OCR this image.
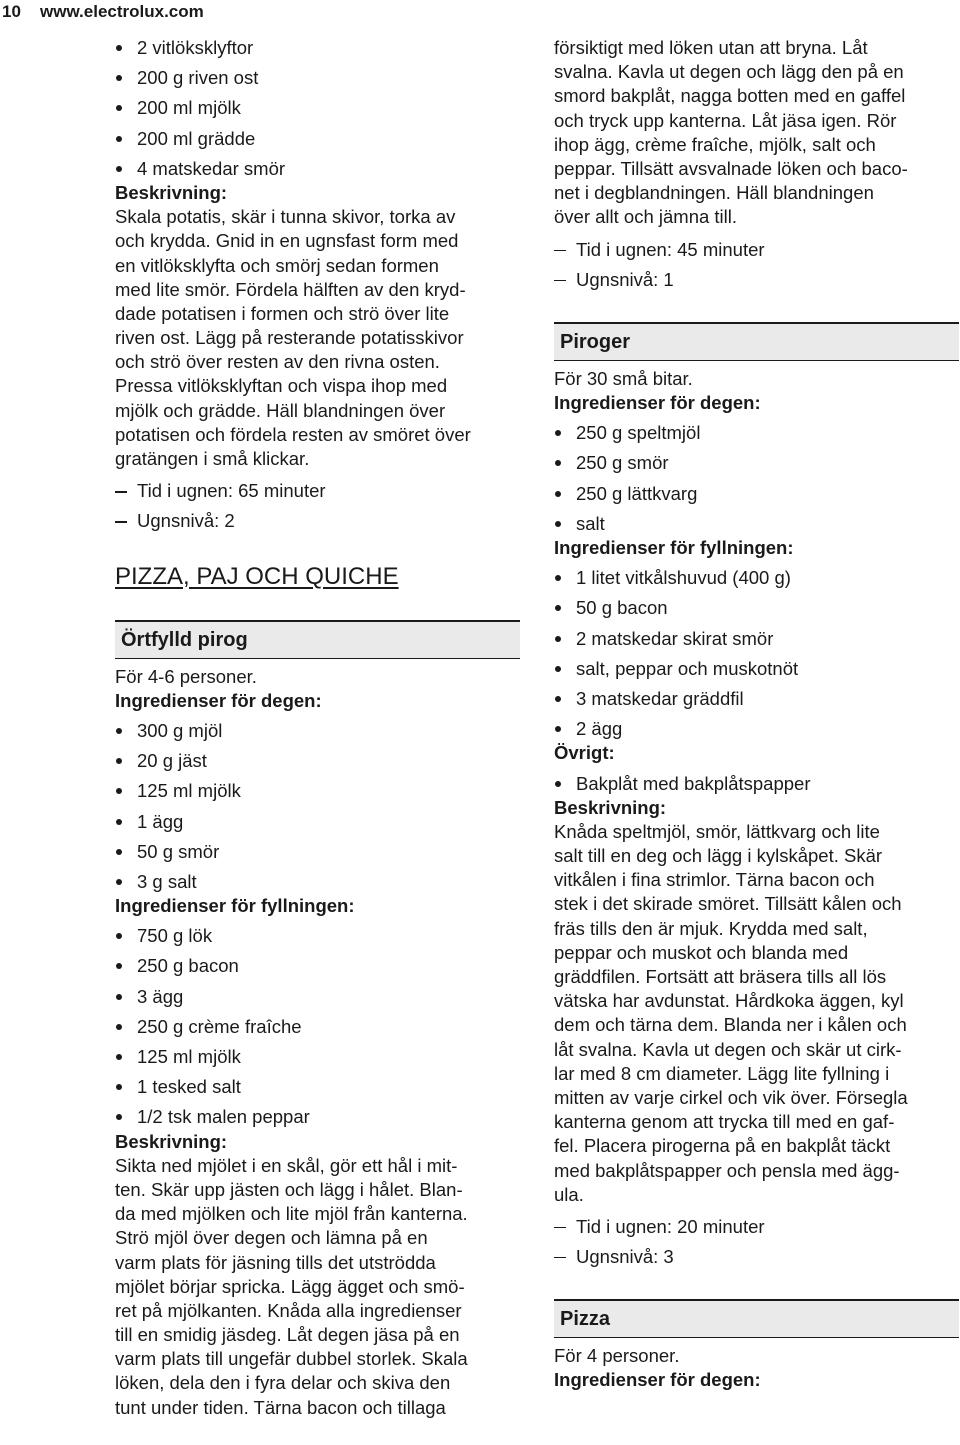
10	www.electrolux.com
2 vitlöksklyftor
200 g riven ost
200 ml mjölk
200 ml grädde
4 matskedar smör
Beskrivning:
Skala potatis, skär i tunna skivor, torka av
och krydda. Gnid in en ugnsfast form med
en vitlöksklyfta och smörj sedan formen
med lite smör. Fördela hälften av den kryd-
dade potatisen i formen och strö över lite
riven ost. Lägg på resterande potatisskivor
och strö över resten av den rivna osten.
Pressa vitlöksklyftan och vispa ihop med
mjölk och grädde. Häll blandningen över
potatisen och fördela resten av smöret över
gratängen i små klickar.
Tid i ugnen: 65 minuter
Ugnsnivå: 2
PIZZA, PAJ OCH QUICHE
Örtfylld pirog
För 4-6 personer.
Ingredienser för degen:
300 g mjöl
20 g jäst
125 ml mjölk
1 ägg
50 g smör
3 g salt
Ingredienser för fyllningen:
750 g lök
250 g bacon
3 ägg
250 g crème fraîche
125 ml mjölk
1 tesked salt
1/2 tsk malen peppar
Beskrivning:
Sikta ned mjölet i en skål, gör ett hål i mit-
ten. Skär upp jästen och lägg i hålet. Blan-
da med mjölken och lite mjöl från kanterna.
Strö mjöl över degen och lämna på en
varm plats för jäsning tills det utströdda
mjölet börjar spricka. Lägg ägget och smö-
ret på mjölkanten. Knåda alla ingredienser
till en smidig jäsdeg. Låt degen jäsa på en
varm plats till ungefär dubbel storlek. Skala
löken, dela den i fyra delar och skiva den
tunt under tiden. Tärna bacon och tillaga
försiktigt med löken utan att bryna. Låt
svalna. Kavla ut degen och lägg den på en
smord bakplåt, nagga botten med en gaffel
och tryck upp kanterna. Låt jäsa igen. Rör
ihop ägg, crème fraîche, mjölk, salt och
peppar. Tillsätt avsvalnade löken och baco-
net i degblandningen. Häll blandningen
över allt och jämna till.
Tid i ugnen: 45 minuter
Ugnsnivå: 1
Piroger
För 30 små bitar.
Ingredienser för degen:
250 g speltmjöl
250 g smör
250 g lättkvarg
salt
Ingredienser för fyllningen:
1 litet vitkålshuvud (400 g)
50 g bacon
2 matskedar skirat smör
salt, peppar och muskotnöt
3 matskedar gräddfil
2 ägg
Övrigt:
Bakplåt med bakplåtspapper
Beskrivning:
Knåda speltmjöl, smör, lättkvarg och lite
salt till en deg och lägg i kylskåpet. Skär
vitkålen i fina strimlor. Tärna bacon och
stek i det skirade smöret. Tillsätt kålen och
fräs tills den är mjuk. Krydda med salt,
peppar och muskot och blanda med
gräddfilen. Fortsätt att bräsera tills all lös
vätska har avdunstat. Hårdkoka äggen, kyl
dem och tärna dem. Blanda ner i kålen och
låt svalna. Kavla ut degen och skär ut cirk-
lar med 8 cm diameter. Lägg lite fyllning i
mitten av varje cirkel och vik över. Försegla
kanterna genom att trycka till med en gaf-
fel. Placera pirogerna på en bakplåt täckt
med bakplåtspapper och pensla med ägg-
ula.
Tid i ugnen: 20 minuter
Ugnsnivå: 3
Pizza
För 4 personer.
Ingredienser för degen:
